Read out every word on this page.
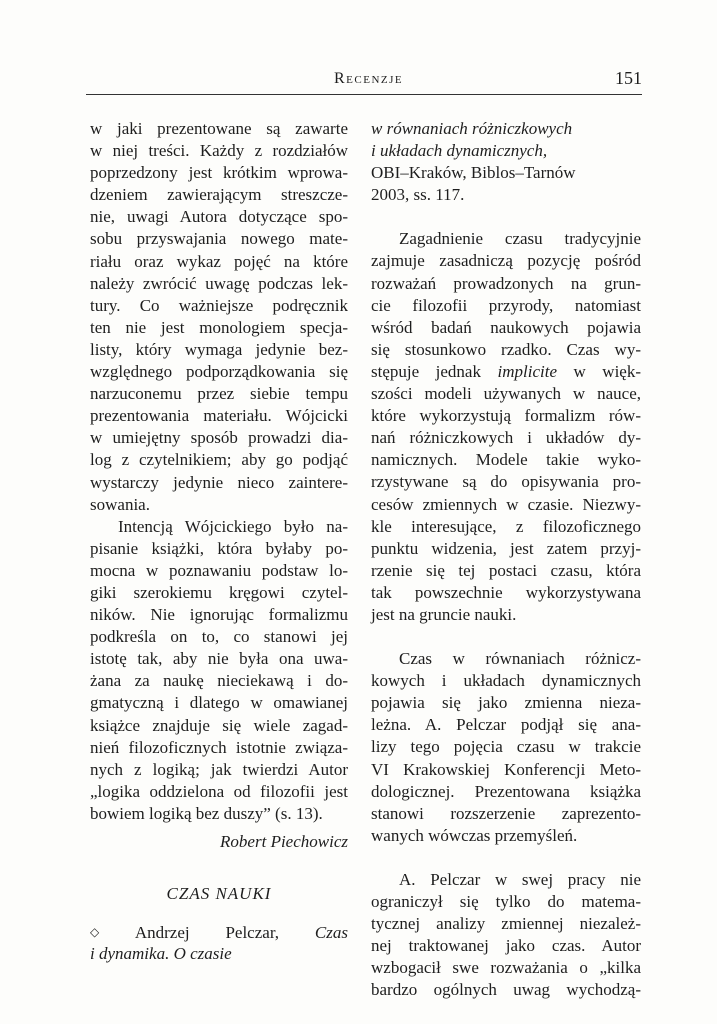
Recenzje	151
w jaki prezentowane są zawarte
w niej treści. Każdy z rozdziałów
poprzedzony jest krótkim wprowa-
dzeniem zawierającym streszcze-
nie, uwagi Autora dotyczące spo-
sobu przyswajania nowego mate-
riału oraz wykaz pojęć na które
należy zwrócić uwagę podczas lek-
tury. Co ważniejsze podręcznik
ten nie jest monologiem specja-
listy, który wymaga jedynie bez-
względnego podporządkowania się
narzuconemu przez siebie tempu
prezentowania materiału. Wójcicki
w umiejętny sposób prowadzi dia-
log z czytelnikiem; aby go podjąć
wystarczy jedynie nieco zaintere-
sowania.
Intencją Wójcickiego było na-
pisanie książki, która byłaby po-
mocna w poznawaniu podstaw lo-
giki szerokiemu kręgowi czytel-
ników. Nie ignorując formalizmu
podkreśla on to, co stanowi jej
istotę tak, aby nie była ona uwa-
żana za naukę nieciekawą i do-
gmatyczną i dlatego w omawianej
książce znajduje się wiele zagad-
nień filozoficznych istotnie związa-
nych z logiką; jak twierdzi Autor
„logika oddzielona od filozofii jest
bowiem logiką bez duszy” (s. 13).
Robert Piechowicz
CZAS NAUKI
◇ Andrzej Pelczar, Czas
i dynamika. O czasie
w równaniach różniczkowych
i układach dynamicznych,
OBI–Kraków, Biblos–Tarnów
2003, ss. 117.
Zagadnienie czasu tradycyjnie
zajmuje zasadniczą pozycję pośród
rozważań prowadzonych na grun-
cie filozofii przyrody, natomiast
wśród badań naukowych pojawia
się stosunkowo rzadko. Czas wy-
stępuje jednak implicite w więk-
szości modeli używanych w nauce,
które wykorzystują formalizm rów-
nań różniczkowych i układów dy-
namicznych. Modele takie wyko-
rzystywane są do opisywania pro-
cesów zmiennych w czasie. Niezwy-
kle interesujące, z filozoficznego
punktu widzenia, jest zatem przyj-
rzenie się tej postaci czasu, która
tak powszechnie wykorzystywana
jest na gruncie nauki.
Czas w równaniach różnicz-
kowych i układach dynamicznych
pojawia się jako zmienna nieza-
leżna. A. Pelczar podjął się ana-
lizy tego pojęcia czasu w trakcie
VI Krakowskiej Konferencji Meto-
dologicznej. Prezentowana książka
stanowi rozszerzenie zaprezento-
wanych wówczas przemyśleń.
A. Pelczar w swej pracy nie
ograniczył się tylko do matema-
tycznej analizy zmiennej niezależ-
nej traktowanej jako czas. Autor
wzbogacił swe rozważania o „kilka
bardzo ogólnych uwag wychodzą-
